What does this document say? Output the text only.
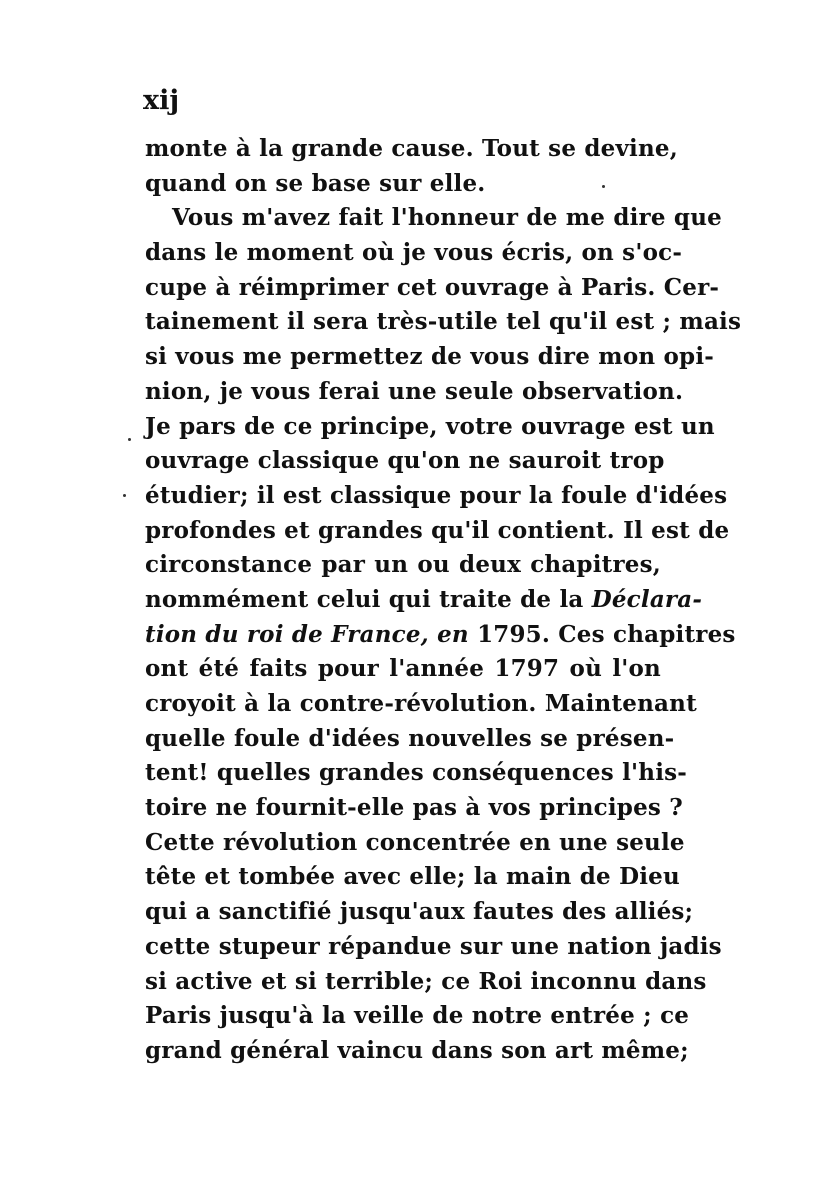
xij
monte à la grande cause. Tout se devine,
quand on se base sur elle.
Vous m'avez fait l'honneur de me dire que
dans le moment où je vous écris, on s'oc-
cupe à réimprimer cet ouvrage à Paris. Cer-
tainement il sera très-utile tel qu'il est ; mais
si vous me permettez de vous dire mon opi-
nion, je vous ferai une seule observation.
Je pars de ce principe, votre ouvrage est un
ouvrage classique qu'on ne sauroit trop
étudier; il est classique pour la foule d'idées
profondes et grandes qu'il contient. Il est de
circonstance par un ou deux chapitres,
nommément celui qui traite de la Déclara-
tion du roi de France, en 1795. Ces chapitres
ont été faits pour l'année 1797 où l'on
croyoit à la contre-révolution. Maintenant
quelle foule d'idées nouvelles se présen-
tent! quelles grandes conséquences l'his-
toire ne fournit-elle pas à vos principes ?
Cette révolution concentrée en une seule
tête et tombée avec elle; la main de Dieu
qui a sanctifié jusqu'aux fautes des alliés;
cette stupeur répandue sur une nation jadis
si active et si terrible; ce Roi inconnu dans
Paris jusqu'à la veille de notre entrée ; ce
grand général vaincu dans son art même;
